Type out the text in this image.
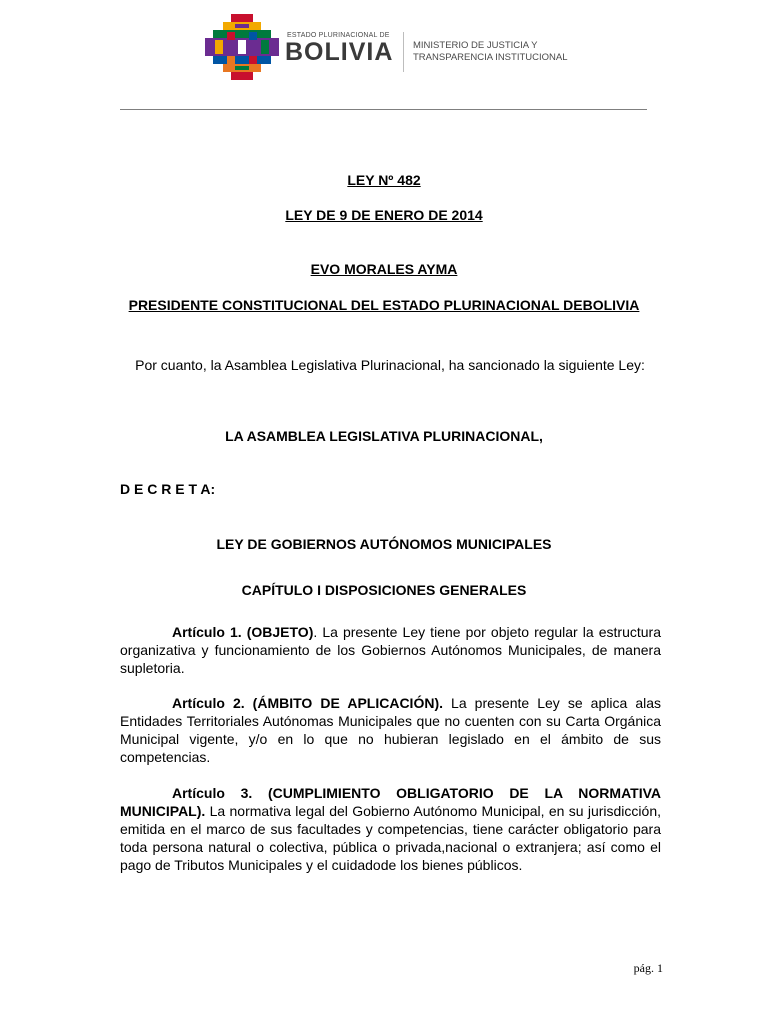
ESTADO PLURINACIONAL DE
BOLIVIA MINISTERIO DE JUSTICIA Y
TRANSPARENCIA INSTITUCIONAL
LEY Nº 482
LEY DE 9 DE ENERO DE 2014
EVO MORALES AYMA
PRESIDENTE CONSTITUCIONAL DEL ESTADO PLURINACIONAL DEBOLIVIA
Por cuanto, la Asamblea Legislativa Plurinacional, ha sancionado la siguiente Ley:
LA ASAMBLEA LEGISLATIVA PLURINACIONAL,
D E C R E T A:
LEY DE GOBIERNOS AUTÓNOMOS MUNICIPALES
CAPÍTULO I DISPOSICIONES GENERALES
Artículo 1. (OBJETO). La presente Ley tiene por objeto regular la estructura organizativa y funcionamiento de los Gobiernos Autónomos Municipales, de manera supletoria.
Artículo 2. (ÁMBITO DE APLICACIÓN). La presente Ley se aplica alas Entidades Territoriales Autónomas Municipales que no cuenten con su Carta Orgánica Municipal vigente, y/o en lo que no hubieran legislado en el ámbito de sus competencias.
Artículo 3. (CUMPLIMIENTO OBLIGATORIO DE LA NORMATIVA MUNICIPAL). La normativa legal del Gobierno Autónomo Municipal, en su jurisdicción, emitida en el marco de sus facultades y competencias, tiene carácter obligatorio para toda persona natural o colectiva, pública o privada,nacional o extranjera; así como el pago de Tributos Municipales y el cuidadode los bienes públicos.
pág. 1
